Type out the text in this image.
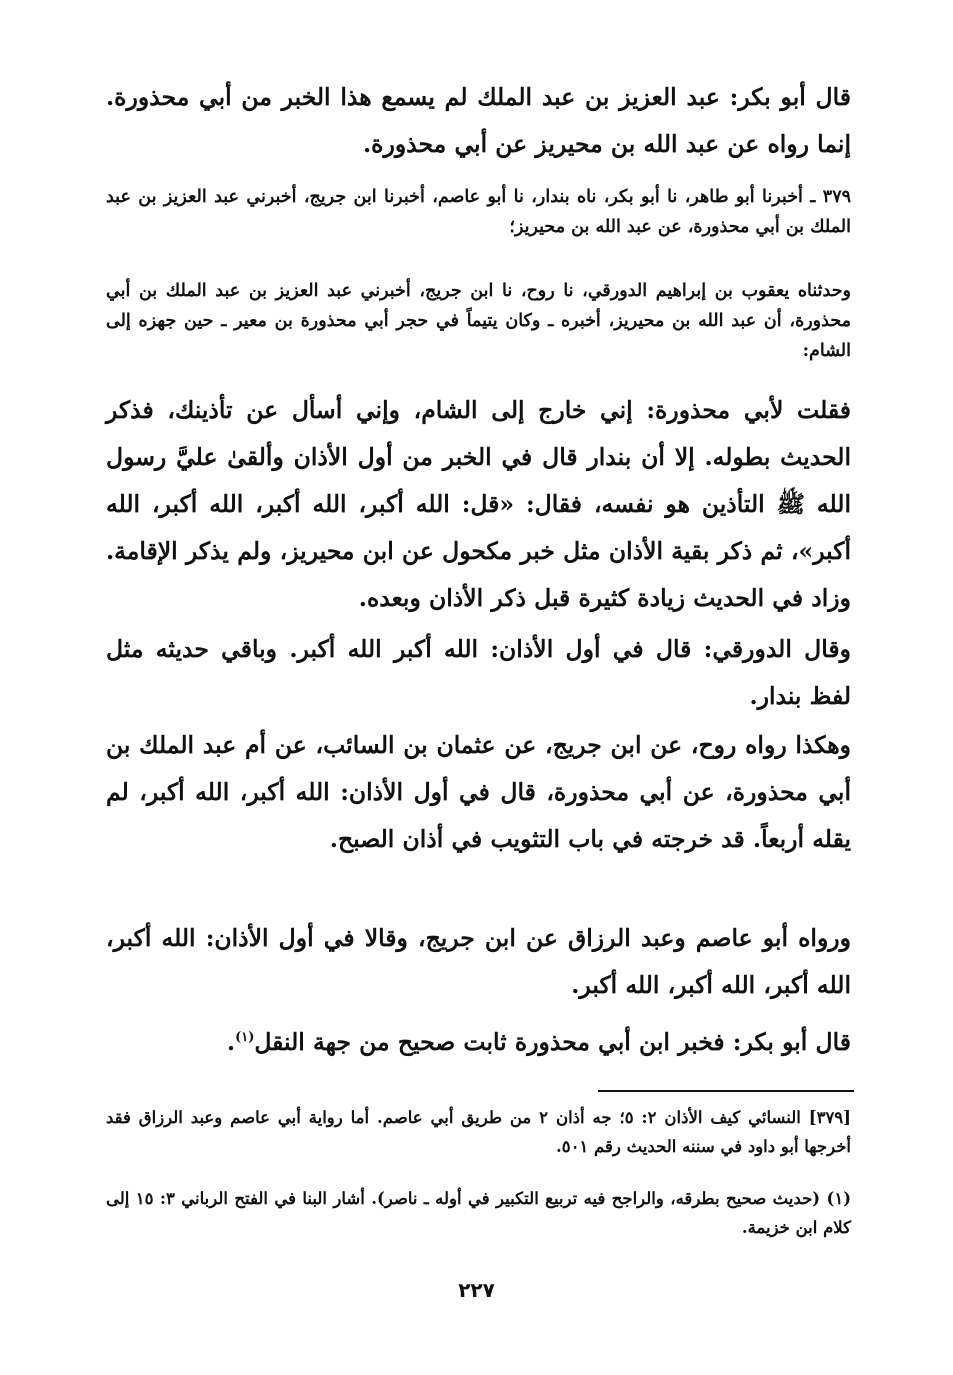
قال أبو بكر: عبد العزيز بن عبد الملك لم يسمع هذا الخبر من أبي محذورة. إنما رواه عن عبد الله بن محيريز عن أبي محذورة.

٣٧٩ ـ أخبرنا أبو طاهر، نا أبو بكر، ناه بندار، نا أبو عاصم، أخبرنا ابن جريج، أخبرني عبد العزيز بن عبد الملك بن أبي محذورة، عن عبد الله بن محيريز؛

وحدثناه يعقوب بن إبراهيم الدورقي، نا روح، نا ابن جريج، أخبرني عبد العزيز بن عبد الملك بن أبي محذورة، أن عبد الله بن محيريز، أخبره ـ وكان يتيماً في حجر أبي محذورة بن معير ـ حين جهزه إلى الشام:

فقلت لأبي محذورة: إني خارج إلى الشام، وإني أسأل عن تأذينك، فذكر الحديث بطوله. إلا أن بندار قال في الخبر من أول الأذان وألقىٰ عليَّ رسول الله ﷺ التأذين هو نفسه، فقال: «قل: الله أكبر، الله أكبر، الله أكبر، الله أكبر»، ثم ذكر بقية الأذان مثل خبر مكحول عن ابن محيريز، ولم يذكر الإقامة. وزاد في الحديث زيادة كثيرة قبل ذكر الأذان وبعده.

وقال الدورقي: قال في أول الأذان: الله أكبر الله أكبر. وباقي حديثه مثل لفظ بندار.

وهكذا رواه روح، عن ابن جريج، عن عثمان بن السائب، عن أم عبد الملك بن أبي محذورة، عن أبي محذورة، قال في أول الأذان: الله أكبر، الله أكبر، لم يقله أربعاً. قد خرجته في باب التثويب في أذان الصبح.

ورواه أبو عاصم وعبد الرزاق عن ابن جريج، وقالا في أول الأذان: الله أكبر، الله أكبر، الله أكبر، الله أكبر.

قال أبو بكر: فخبر ابن أبي محذورة ثابت صحيح من جهة النقل$^{(١)}$.

[٣٧٩] النسائي كيف الأذان ٢: ٥؛ جه أذان ٢ من طريق أبي عاصم. أما رواية أبي عاصم وعبد الرزاق فقد أخرجها أبو داود في سننه الحديث رقم ٥٠١.

(١) (حديث صحيح بطرقه، والراجح فيه تربيع التكبير في أوله ـ ناصر). أشار البنا في الفتح الرباني ٣: ١٥ إلى كلام ابن خزيمة.

٢٢٧
